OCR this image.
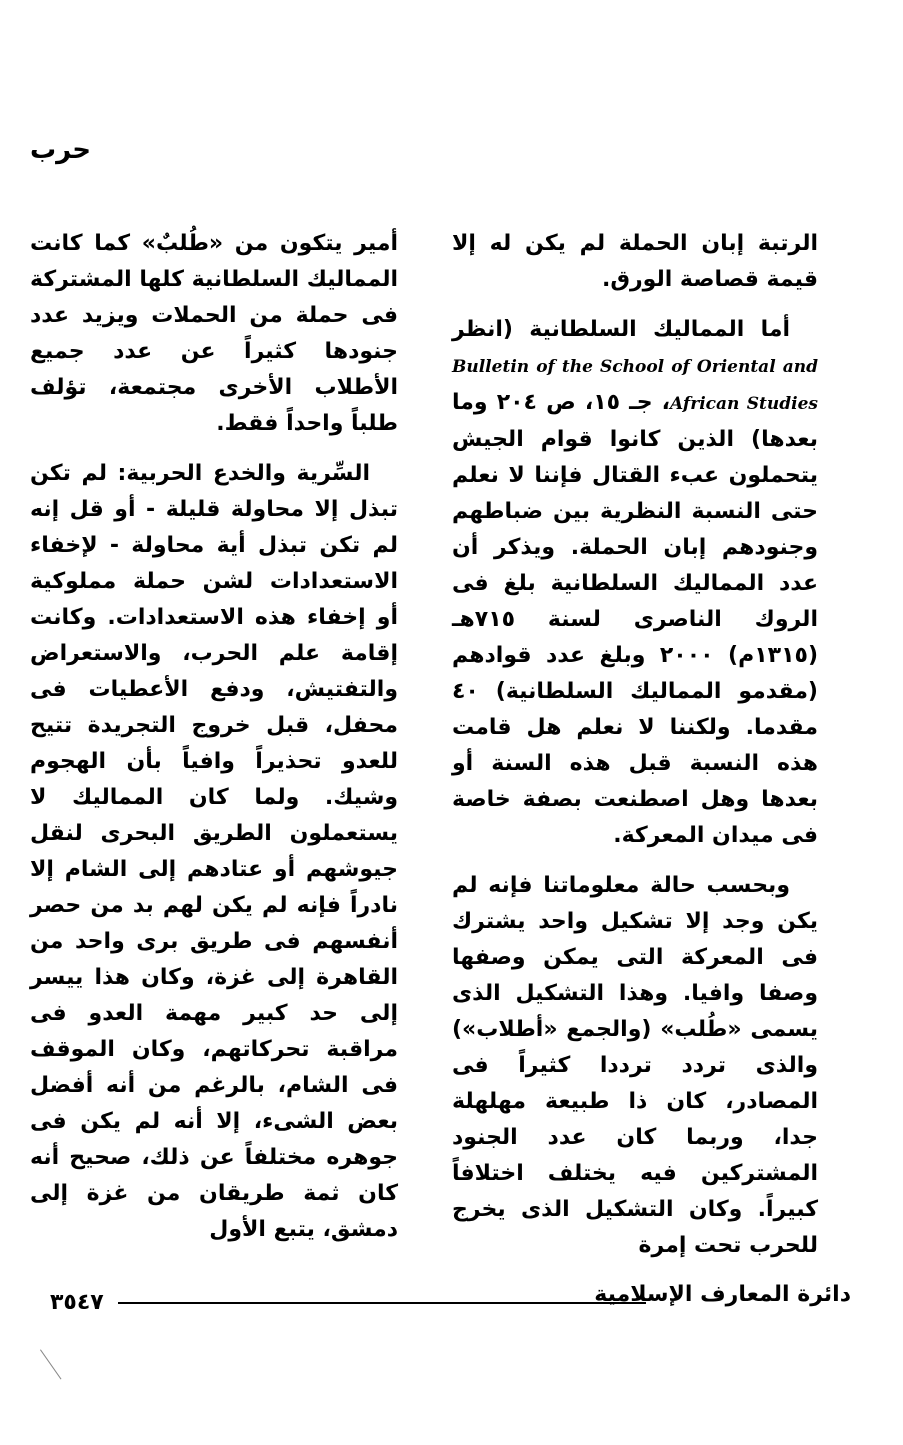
حرب

الرتبة إبان الحملة لم يكن له إلا قيمة قصاصة الورق.

أما المماليك السلطانية (انظر Bulletin of the School of Oriental and African Studies، جـ ١٥، ص ٢٠٤ وما بعدها) الذين كانوا قوام الجيش يتحملون عبء القتال فإننا لا نعلم حتى النسبة النظرية بين ضباطهم وجنودهم إبان الحملة. ويذكر أن عدد المماليك السلطانية بلغ فى الروك الناصرى لسنة ٧١٥هـ (١٣١٥م) ٢٠٠٠ وبلغ عدد قوادهم (مقدمو المماليك السلطانية) ٤٠ مقدما. ولكننا لا نعلم هل قامت هذه النسبة قبل هذه السنة أو بعدها وهل اصطنعت بصفة خاصة فى ميدان المعركة.

وبحسب حالة معلوماتنا فإنه لم يكن وجد إلا تشكيل واحد يشترك فى المعركة التى يمكن وصفها وصفا وافيا. وهذا التشكيل الذى يسمى «طُلب» (والجمع «أطلاب») والذى تردد ترددا كثيراً فى المصادر، كان ذا طبيعة مهلهلة جدا، وربما كان عدد الجنود المشتركين فيه يختلف اختلافاً كبيراً. وكان التشكيل الذى يخرج للحرب تحت إمرة

أمير يتكون من «طُلبٌ» كما كانت المماليك السلطانية كلها المشتركة فى حملة من الحملات ويزيد عدد جنودها كثيراً عن عدد جميع الأطلاب الأخرى مجتمعة، تؤلف طلباً واحداً فقط.

السِّرية والخدع الحربية: لم تكن تبذل إلا محاولة قليلة - أو قل إنه لم تكن تبذل أية محاولة - لإخفاء الاستعدادات لشن حملة مملوكية أو إخفاء هذه الاستعدادات. وكانت إقامة علم الحرب، والاستعراض والتفتيش، ودفع الأعطيات فى محفل، قبل خروج التجريدة تتيح للعدو تحذيراً وافياً بأن الهجوم وشيك. ولما كان المماليك لا يستعملون الطريق البحرى لنقل جيوشهم أو عتادهم إلى الشام إلا نادراً فإنه لم يكن لهم بد من حصر أنفسهم فى طريق برى واحد من القاهرة إلى غزة، وكان هذا ييسر إلى حد كبير مهمة العدو فى مراقبة تحركاتهم، وكان الموقف فى الشام، بالرغم من أنه أفضل بعض الشىء، إلا أنه لم يكن فى جوهره مختلفاً عن ذلك، صحيح أنه كان ثمة طريقان من غزة إلى دمشق، يتبع الأول

دائرة المعارف الإسلامية
٣٥٤٧
